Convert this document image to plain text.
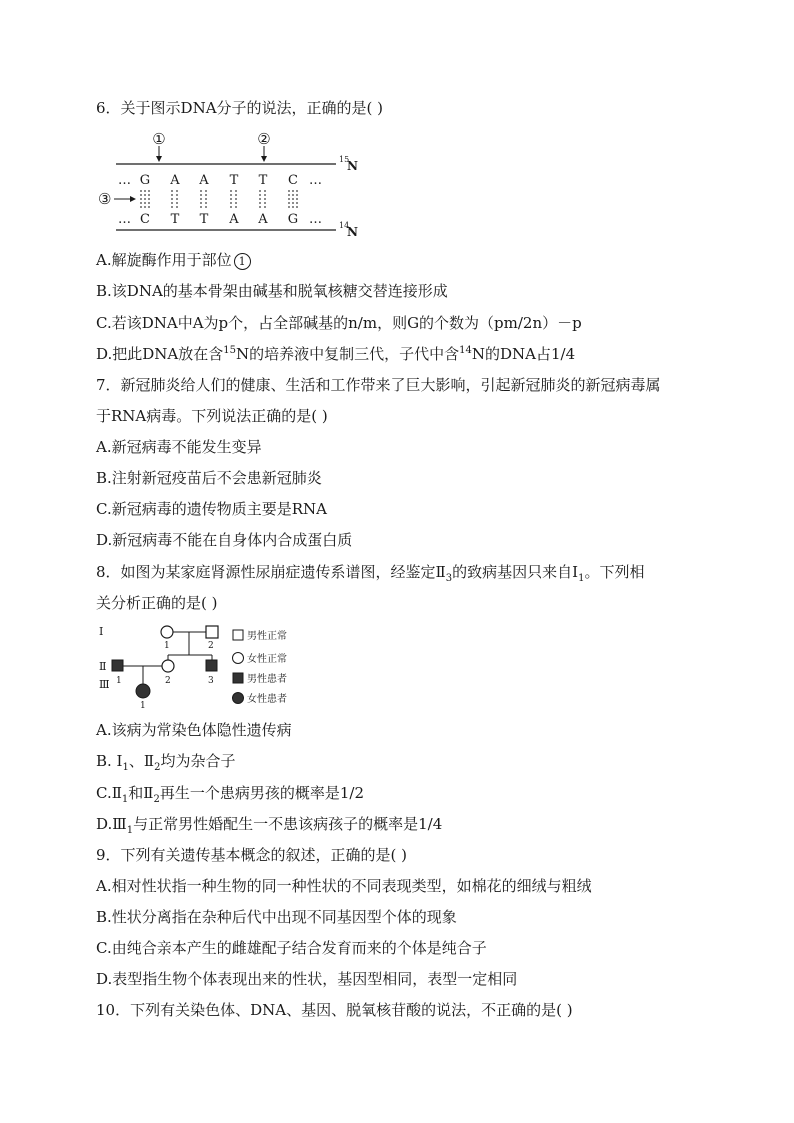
6．关于图示DNA分子的说法，正确的是( )
①	②
… G A A T T C …
③
… C T T A A G …
15
N
14
N
A.解旋酶作用于部位 1
B.该DNA的基本骨架由碱基和脱氧核糖交替连接形成
C.若该DNA中A为p个，占全部碱基的n/m，则G的个数为（pm/2n）－p
D.把此DNA放在含$^{15}$N的培养液中复制三代，子代中含$^{14}$N的DNA占1/4
7．新冠肺炎给人们的健康、生活和工作带来了巨大影响，引起新冠肺炎的新冠病毒属
于RNA病毒。下列说法正确的是( )
A.新冠病毒不能发生变异
B.注射新冠疫苗后不会患新冠肺炎
C.新冠病毒的遗传物质主要是RNA
D.新冠病毒不能在自身体内合成蛋白质
8．如图为某家庭肾源性尿崩症遗传系谱图，经鉴定$Ⅱ_3$的致病基因只来自$Ⅰ_1$。下列相
关分析正确的是( )
Ⅰ
Ⅱ
Ⅲ
1	2
1	2	3
1
男性正常
女性正常
男性患者
女性患者
A.该病为常染色体隐性遗传病
B. $Ⅰ_1$、$Ⅱ_2$均为杂合子
$C.Ⅱ_1$和$Ⅱ_2$再生一个患病男孩的概率是1/2
$D.Ⅲ_1$与正常男性婚配生一不患该病孩子的概率是1/4
9．下列有关遗传基本概念的叙述，正确的是( )
A.相对性状指一种生物的同一种性状的不同表现类型，如棉花的细绒与粗绒
B.性状分离指在杂种后代中出现不同基因型个体的现象
C.由纯合亲本产生的雌雄配子结合发育而来的个体是纯合子
D.表型指生物个体表现出来的性状，基因型相同，表型一定相同
10．下列有关染色体、DNA、基因、脱氧核苷酸的说法，不正确的是( )
